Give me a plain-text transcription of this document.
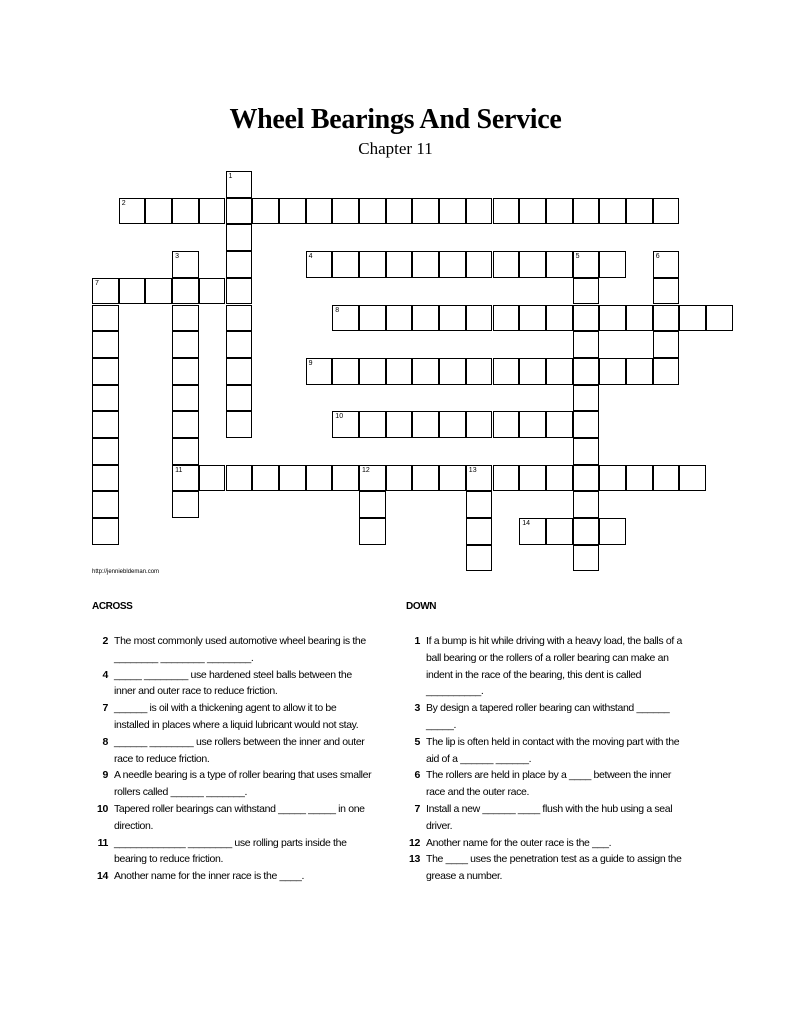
Wheel Bearings And Service
Chapter 11
1
2
3
11
4	5	6
7
8
9
10
12	13
14
http://jenniebldeman.com
ACROSS	DOWN
2 The most commonly used automotive wheel bearing is the ________ ________ ________.
4 _____ ________ use hardened steel balls between the inner and outer race to reduce friction.
7 ______ is oil with a thickening agent to allow it to be installed in places where a liquid lubricant would not stay.
8 ______ ________ use rollers between the inner and outer race to reduce friction.
9 A needle bearing is a type of roller bearing that uses smaller rollers called ______ _______.
10 Tapered roller bearings can withstand _____ _____ in one direction.
11 _____________ ________ use rolling parts inside the bearing to reduce friction.
14 Another name for the inner race is the ____.
1 If a bump is hit while driving with a heavy load, the balls of a ball bearing or the rollers of a roller bearing can make an indent in the race of the bearing, this dent is called __________.
3 By design a tapered roller bearing can withstand ______ _____.
5 The lip is often held in contact with the moving part with the aid of a ______ ______.
6 The rollers are held in place by a ____ between the inner race and the outer race.
7 Install a new ______ ____ flush with the hub using a seal driver.
12 Another name for the outer race is the ___.
13 The ____ uses the penetration test as a guide to assign the grease a number.
